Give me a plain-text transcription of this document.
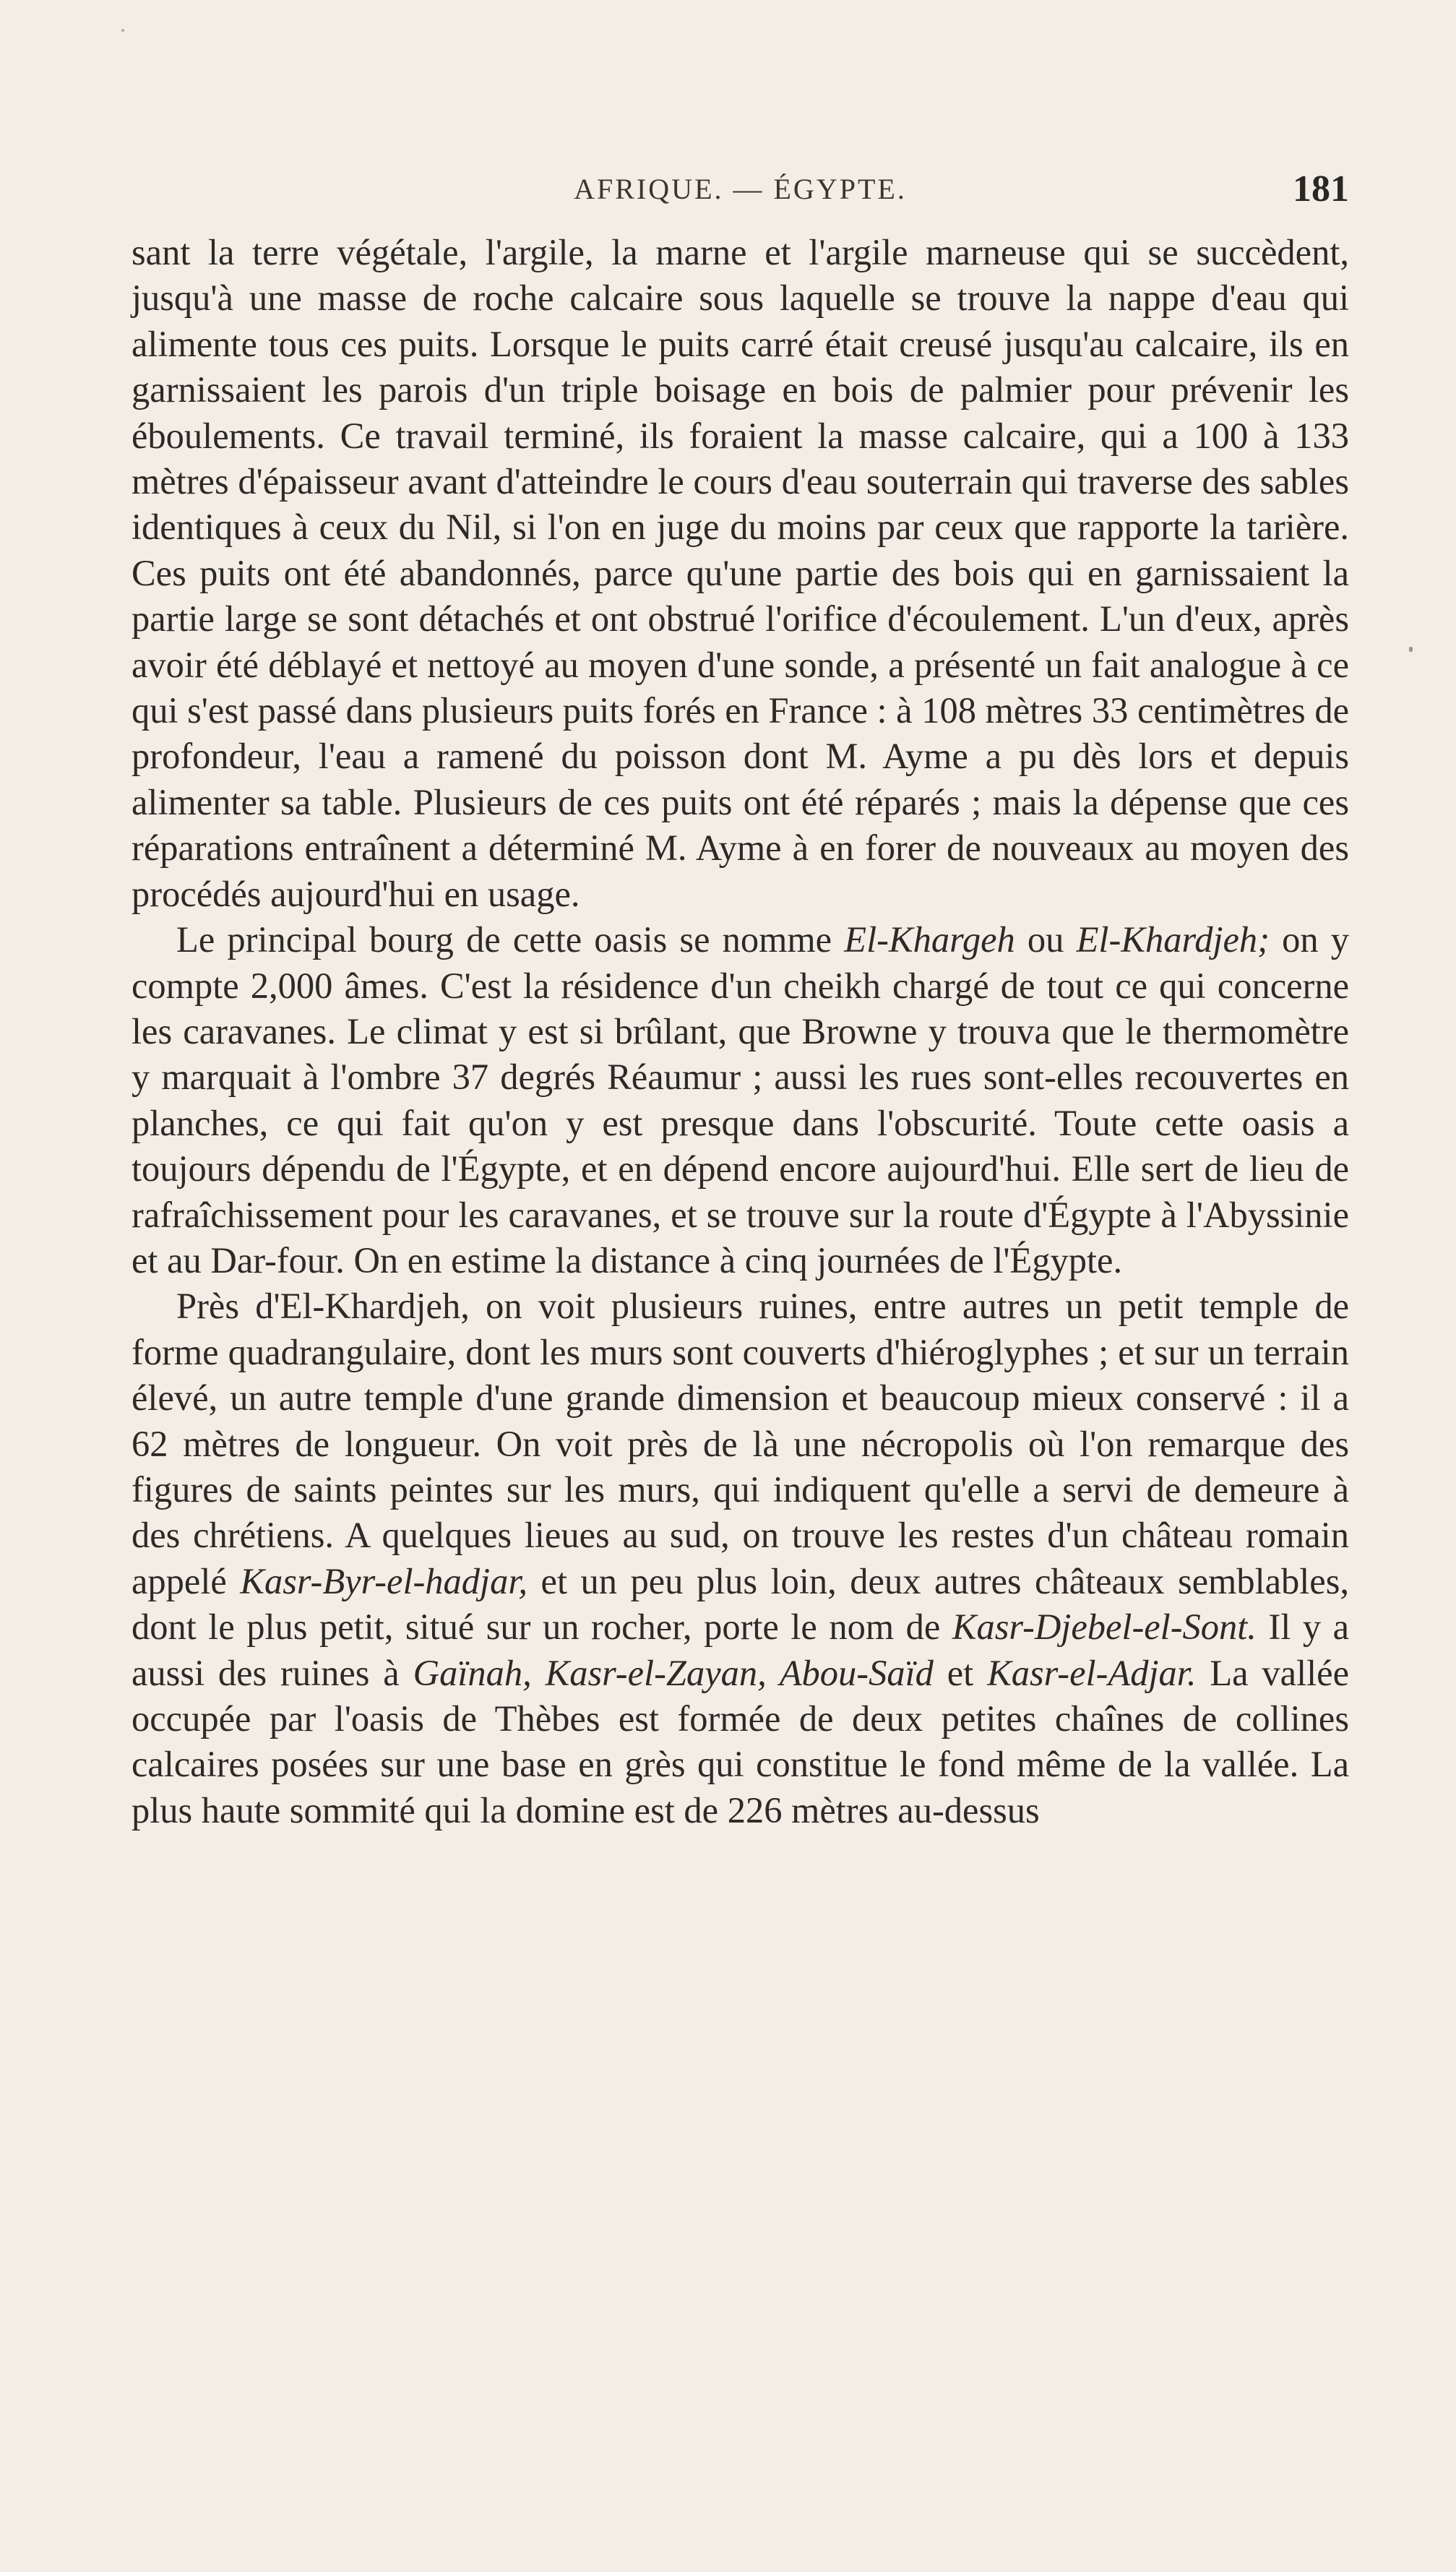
AFRIQUE. — ÉGYPTE.	181

sant la terre végétale, l'argile, la marne et l'argile marneuse qui se succèdent, jusqu'à une masse de roche calcaire sous laquelle se trouve la nappe d'eau qui alimente tous ces puits. Lorsque le puits carré était creusé jusqu'au calcaire, ils en garnissaient les parois d'un triple boisage en bois de palmier pour prévenir les éboulements. Ce travail terminé, ils foraient la masse calcaire, qui a 100 à 133 mètres d'épaisseur avant d'atteindre le cours d'eau souterrain qui traverse des sables identiques à ceux du Nil, si l'on en juge du moins par ceux que rapporte la tarière. Ces puits ont été abandonnés, parce qu'une partie des bois qui en garnissaient la partie large se sont détachés et ont obstrué l'orifice d'écoulement. L'un d'eux, après avoir été déblayé et nettoyé au moyen d'une sonde, a présenté un fait analogue à ce qui s'est passé dans plusieurs puits forés en France : à 108 mètres 33 centimètres de profondeur, l'eau a ramené du poisson dont M. Ayme a pu dès lors et depuis alimenter sa table. Plusieurs de ces puits ont été réparés ; mais la dépense que ces réparations entraînent a déterminé M. Ayme à en forer de nouveaux au moyen des procédés aujourd'hui en usage.

Le principal bourg de cette oasis se nomme El-Khargeh ou El-Khardjeh; on y compte 2,000 âmes. C'est la résidence d'un cheikh chargé de tout ce qui concerne les caravanes. Le climat y est si brûlant, que Browne y trouva que le thermomètre y marquait à l'ombre 37 degrés Réaumur ; aussi les rues sont-elles recouvertes en planches, ce qui fait qu'on y est presque dans l'obscurité. Toute cette oasis a toujours dépendu de l'Égypte, et en dépend encore aujourd'hui. Elle sert de lieu de rafraîchissement pour les caravanes, et se trouve sur la route d'Égypte à l'Abyssinie et au Dar-four. On en estime la distance à cinq journées de l'Égypte.

Près d'El-Khardjeh, on voit plusieurs ruines, entre autres un petit temple de forme quadrangulaire, dont les murs sont couverts d'hiéroglyphes ; et sur un terrain élevé, un autre temple d'une grande dimension et beaucoup mieux conservé : il a 62 mètres de longueur. On voit près de là une nécropolis où l'on remarque des figures de saints peintes sur les murs, qui indiquent qu'elle a servi de demeure à des chrétiens. A quelques lieues au sud, on trouve les restes d'un château romain appelé Kasr-Byr-el-hadjar, et un peu plus loin, deux autres châteaux semblables, dont le plus petit, situé sur un rocher, porte le nom de Kasr-Djebel-el-Sont. Il y a aussi des ruines à Gaïnah, Kasr-el-Zayan, Abou-Saïd et Kasr-el-Adjar. La vallée occupée par l'oasis de Thèbes est formée de deux petites chaînes de collines calcaires posées sur une base en grès qui constitue le fond même de la vallée. La plus haute sommité qui la domine est de 226 mètres au-dessus
